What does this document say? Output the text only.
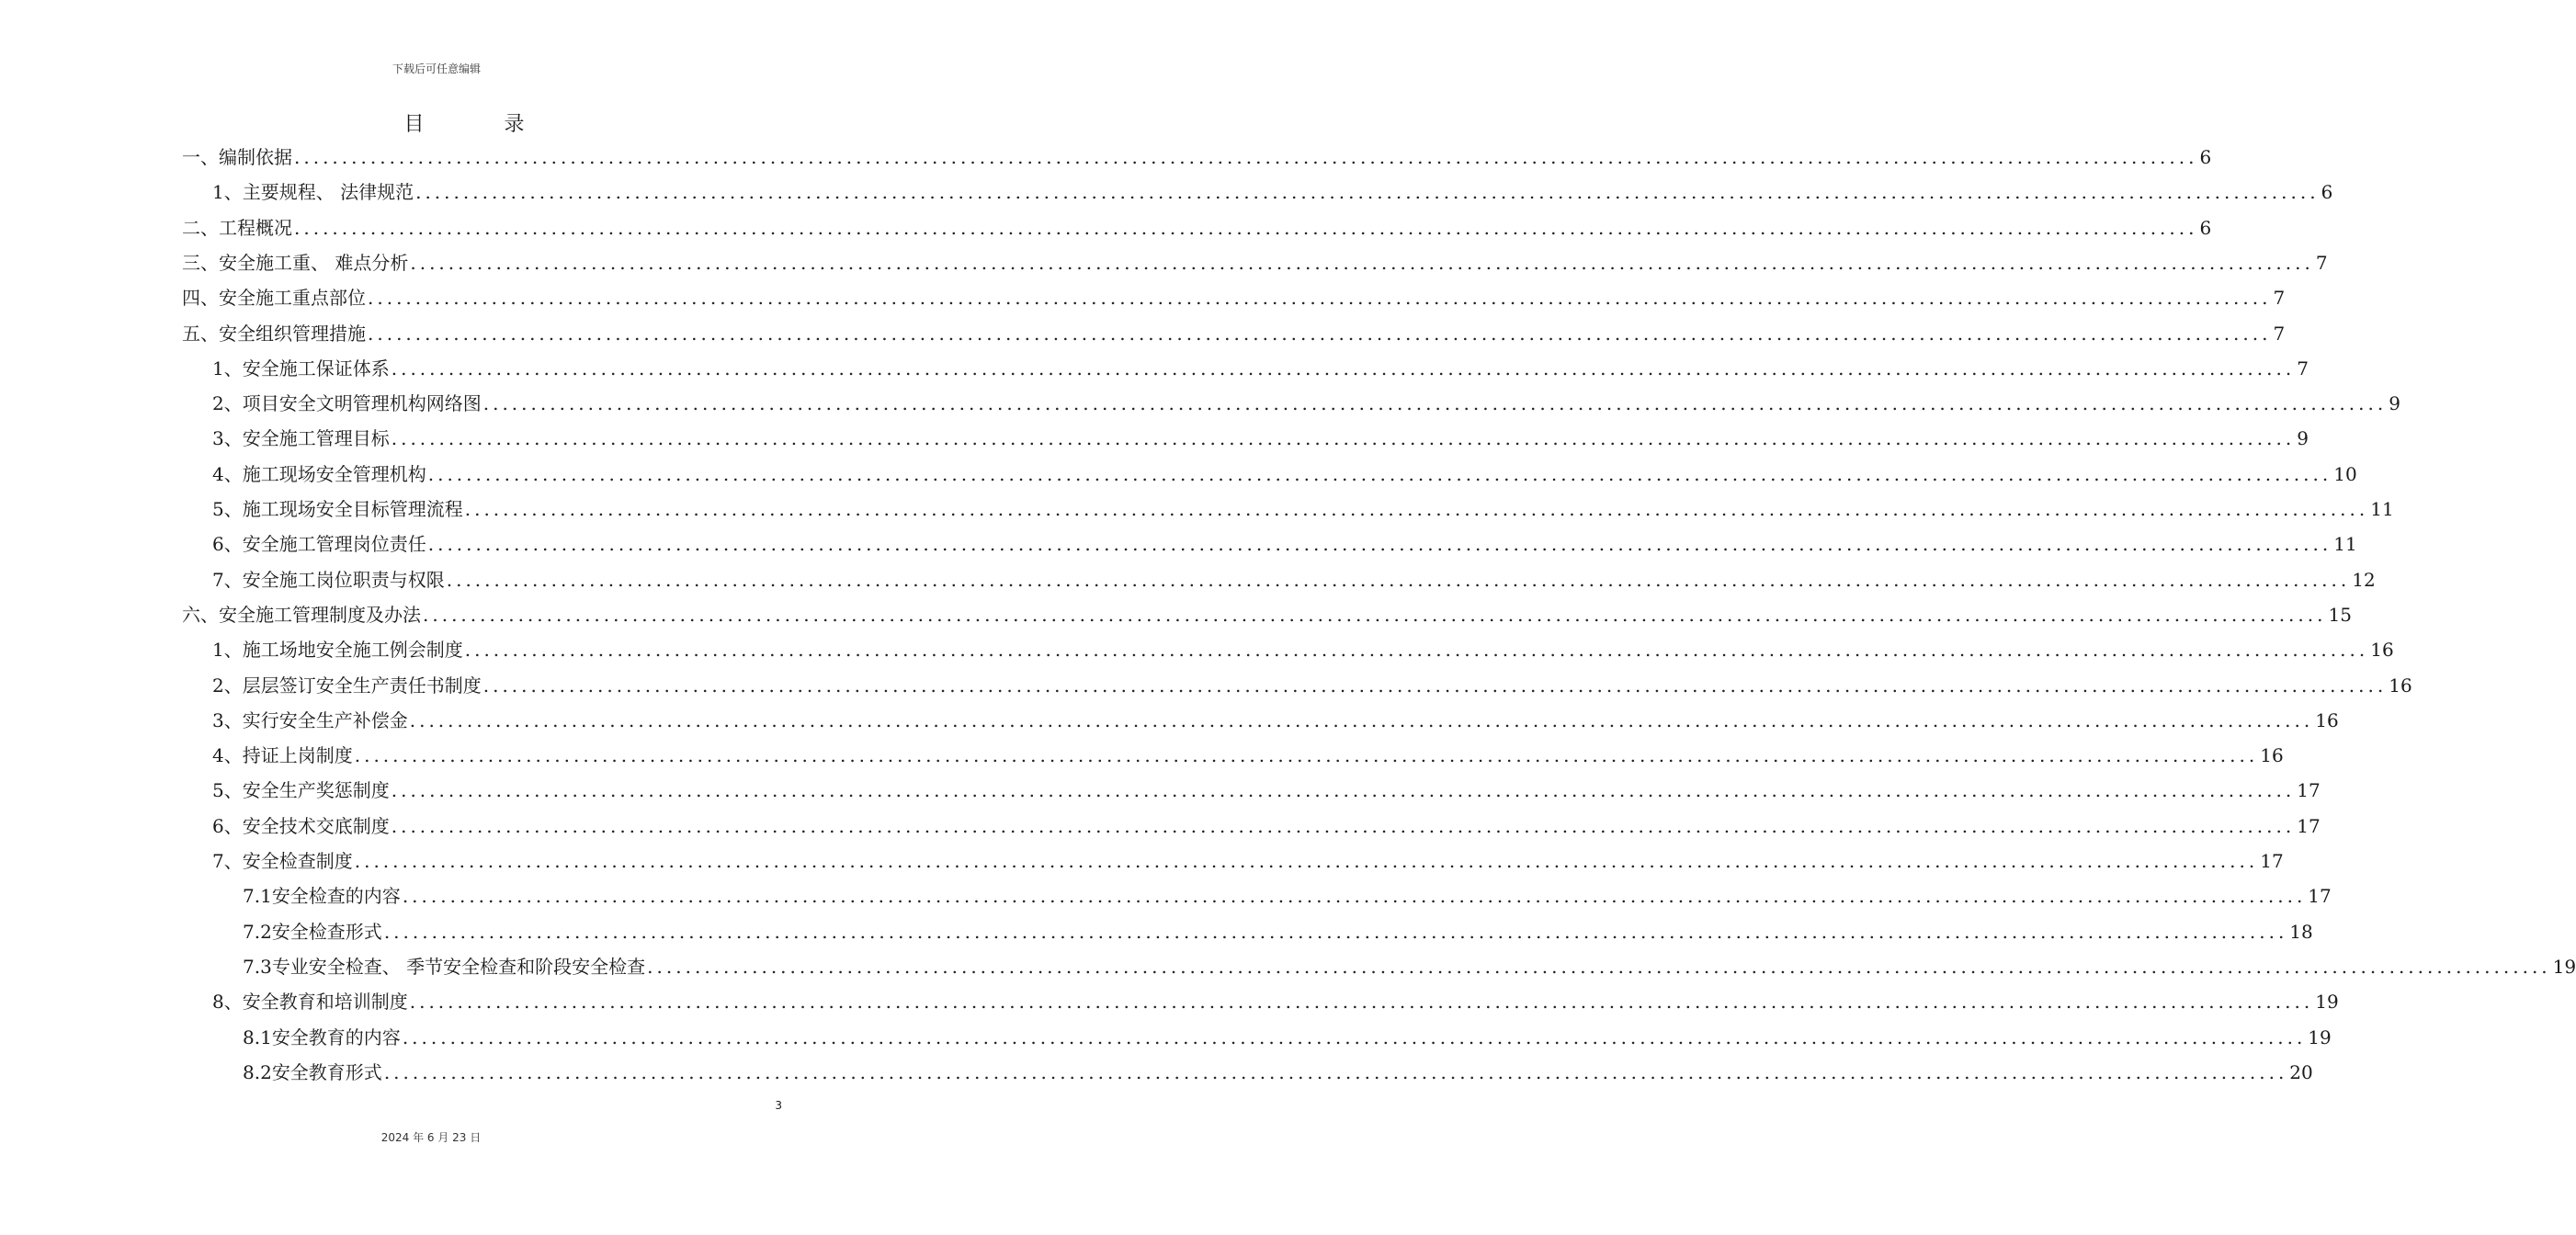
下载后可任意编辑
目 录
一、 编制依据 ........................................................................................................................................................................................................ 6
1、 主要规程、 法律规范 ........................................................................................................................................................................................................ 6
二、 工程概况 ........................................................................................................................................................................................................ 6
三、 安全施工重、 难点分析 ........................................................................................................................................................................................................ 7
四、 安全施工重点部位 ........................................................................................................................................................................................................ 7
五、 安全组织管理措施 ........................................................................................................................................................................................................ 7
1、 安全施工保证体系 ........................................................................................................................................................................................................ 7
2、 项目安全文明管理机构网络图 ........................................................................................................................................................................................................ 9
3、 安全施工管理目标 ........................................................................................................................................................................................................ 9
4、 施工现场安全管理机构 ........................................................................................................................................................................................................ 10
5、 施工现场安全目标管理流程 ........................................................................................................................................................................................................ 11
6、 安全施工管理岗位责任 ........................................................................................................................................................................................................ 11
7、 安全施工岗位职责与权限 ........................................................................................................................................................................................................ 12
六、 安全施工管理制度及办法 ........................................................................................................................................................................................................ 15
1、 施工场地安全施工例会制度 ........................................................................................................................................................................................................ 16
2、 层层签订安全生产责任书制度 ........................................................................................................................................................................................................ 16
3、 实行安全生产补偿金 ........................................................................................................................................................................................................ 16
4、 持证上岗制度 ........................................................................................................................................................................................................ 16
5、 安全生产奖惩制度 ........................................................................................................................................................................................................ 17
6、 安全技术交底制度 ........................................................................................................................................................................................................ 17
7、 安全检查制度 ........................................................................................................................................................................................................ 17
7.1 安全检查的内容 ........................................................................................................................................................................................................ 17
7.2 安全检查形式 ........................................................................................................................................................................................................ 18
7.3 专业安全检查、 季节安全检查和阶段安全检查 ........................................................................................................................................................................................................ 19
8、 安全教育和培训制度 ........................................................................................................................................................................................................ 19
8.1 安全教育的内容 ........................................................................................................................................................................................................ 19
8.2 安全教育形式 ........................................................................................................................................................................................................ 20
3
2024 年 6 月 23 日
